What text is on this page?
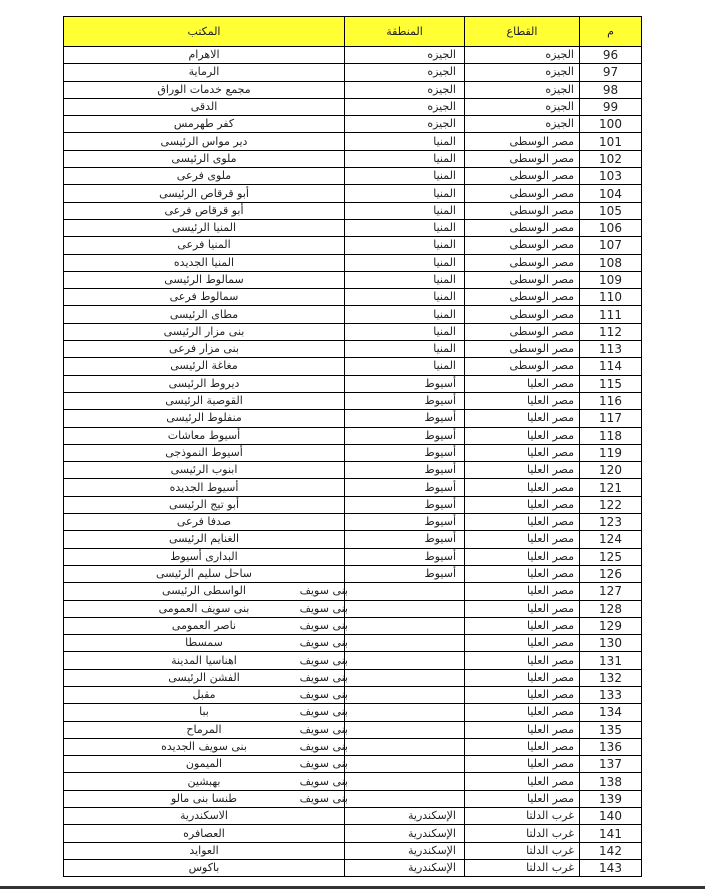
م	القطاع	المنطقة	المكتب
96	الجيزه	الجيزه	الاهرام
97	الجيزه	الجيزه	الرماية
98	الجيزه	الجيزه	مجمع خدمات الوراق
99	الجيزه	الجيزه	الدقى
100	الجيزه	الجيزه	كفر طهرمس
101	مصر الوسطى	المنيا	دير مواس الرئيسى
102	مصر الوسطى	المنيا	ملوى الرئيسى
103	مصر الوسطى	المنيا	ملوى فرعى
104	مصر الوسطى	المنيا	أبو قرقاص الرئيسى
105	مصر الوسطى	المنيا	أبو قرقاص فرعى
106	مصر الوسطى	المنيا	المنيا الرئيسى
107	مصر الوسطى	المنيا	المنيا فرعى
108	مصر الوسطى	المنيا	المنيا الجديده
109	مصر الوسطى	المنيا	سمالوط الرئيسى
110	مصر الوسطى	المنيا	سمالوط فرعى
111	مصر الوسطى	المنيا	مطاى الرئيسى
112	مصر الوسطى	المنيا	بنى مزار الرئيسى
113	مصر الوسطى	المنيا	بنى مزار فرعى
114	مصر الوسطى	المنيا	مغاغة الرئيسى
115	مصر العليا	أسيوط	ديروط الرئيسى
116	مصر العليا	أسيوط	القوصية الرئيسى
117	مصر العليا	أسيوط	منفلوط الرئيسى
118	مصر العليا	أسيوط	أسيوط معاشات
119	مصر العليا	أسيوط	أسيوط النموذجى
120	مصر العليا	أسيوط	ابنوب الرئيسى
121	مصر العليا	أسيوط	أسيوط الجديده
122	مصر العليا	أسيوط	أبو تيج الرئيسى
123	مصر العليا	أسيوط	صدفا فرعى
124	مصر العليا	أسيوط	الغنايم الرئيسى
125	مصر العليا	أسيوط	البدارى أسيوط
126	مصر العليا	أسيوط	ساحل سليم الرئيسى
127	مصر العليا	بنى سويف	الواسطى الرئيسى
128	مصر العليا	بنى سويف	بنى سويف العمومى
129	مصر العليا	بنى سويف	ناصر العمومى
130	مصر العليا	بنى سويف	سمسطا
131	مصر العليا	بنى سويف	اهناسيا المدينة
132	مصر العليا	بنى سويف	الفشن الرئيسى
133	مصر العليا	بنى سويف	مقبل
134	مصر العليا	بنى سويف	ببا
135	مصر العليا	بنى سويف	المرماح
136	مصر العليا	بنى سويف	بنى سويف الجديده
137	مصر العليا	بنى سويف	الميمون
138	مصر العليا	بنى سويف	بهبشين
139	مصر العليا	بنى سويف	طنسا بنى مالو
140	غرب الدلتا	الإسكندرية	الاسكندرية
141	غرب الدلتا	الإسكندرية	العصافره
142	غرب الدلتا	الإسكندرية	العوايد
143	غرب الدلتا	الإسكندرية	باكوس
